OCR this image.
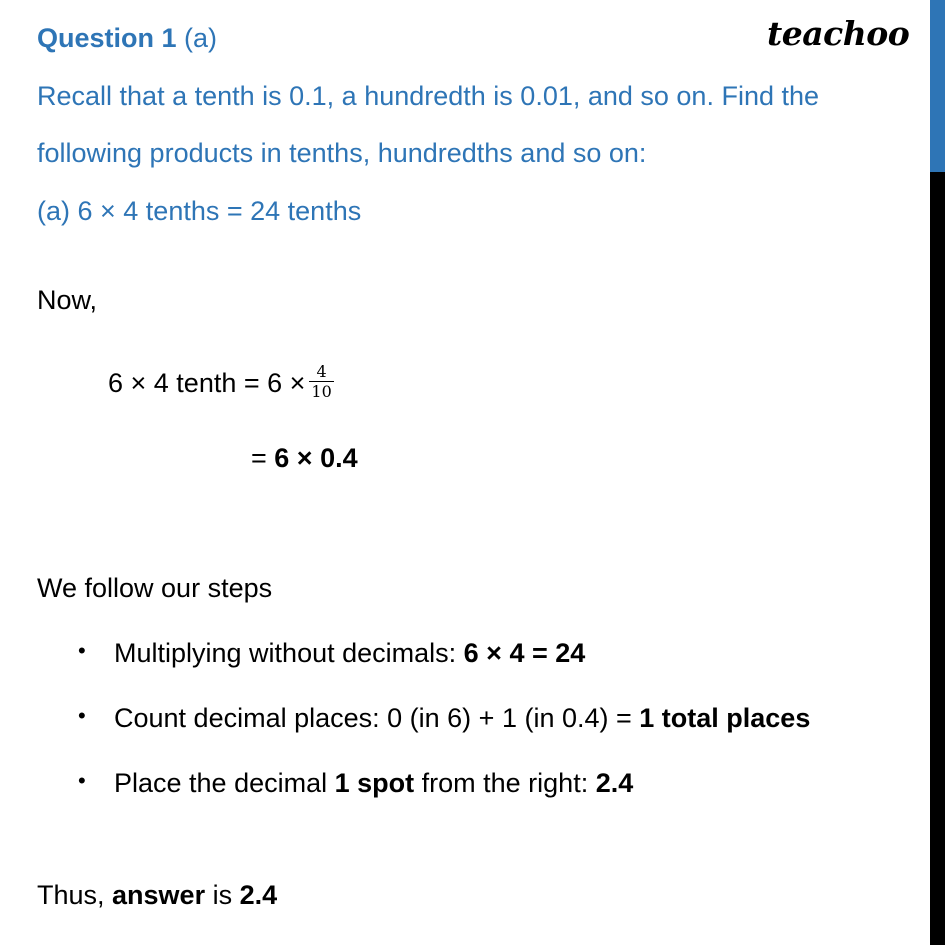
Question 1 (a)	teachoo
Recall that a tenth is 0.1, a hundredth is 0.01, and so on. Find the
following products in tenths, hundredths and so on:
(a) 6 × 4 tenths = 24 tenths
Now,
6 × 4 tenth = $6 \times \frac{4}{10}$
= 6 × 0.4
We follow our steps
• Multiplying without decimals: 6 × 4 = 24
• Count decimal places: 0 (in 6) + 1 (in 0.4) = 1 total places
• Place the decimal 1 spot from the right: 2.4
Thus, answer is 2.4
